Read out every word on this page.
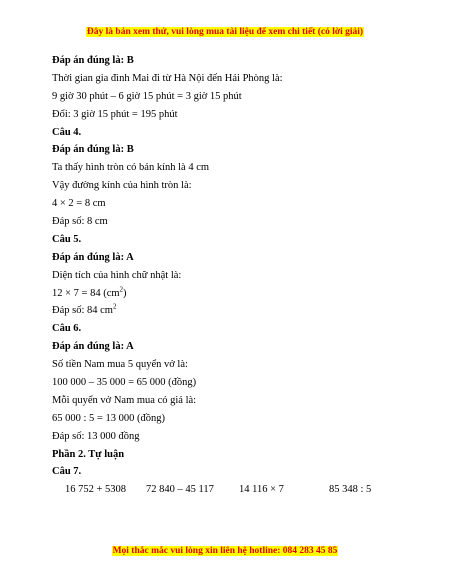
Đây là bản xem thử, vui lòng mua tài liệu để xem chi tiết (có lời giải)
Đáp án đúng là: B
Thời gian gia đình Mai đi từ Hà Nội đến Hải Phòng là:
9 giờ 30 phút – 6 giờ 15 phút = 3 giờ 15 phút
Đổi: 3 giờ 15 phút = 195 phút
Câu 4.
Đáp án đúng là: B
Ta thấy hình tròn có bán kính là 4 cm
Vậy đường kính của hình tròn là:
4 × 2 = 8 cm
Đáp số: 8 cm
Câu 5.
Đáp án đúng là: A
Diện tích của hình chữ nhật là:
12 × 7 = 84 $(cm^2)$
Đáp số: 84 $cm^2$
Câu 6.
Đáp án đúng là: A
Số tiền Nam mua 5 quyển vở là:
100 000 – 35 000 = 65 000 (đồng)
Mỗi quyển vở Nam mua có giá là:
65 000 : 5 = 13 000 (đồng)
Đáp số: 13 000 đồng
Phần 2. Tự luận
Câu 7.
16 752 + 5308	72 840 – 45 117	14 116 × 7	85 348 : 5
Mọi thắc mắc vui lòng xin liên hệ hotline: 084 283 45 85
